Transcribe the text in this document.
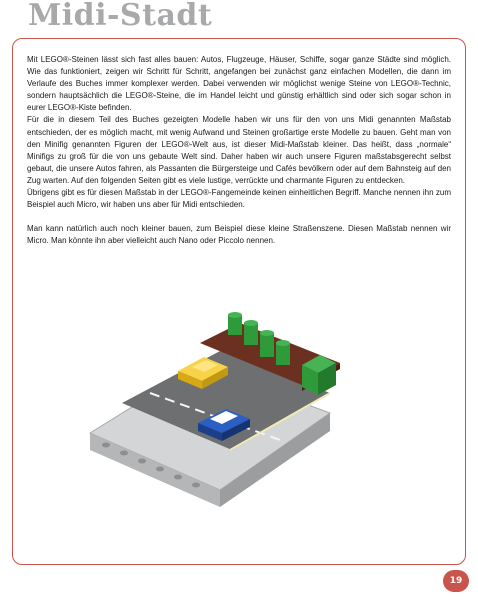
Midi-Stadt

Mit LEGO®-Steinen lässt sich fast alles bauen: Autos, Flugzeuge, Häuser, Schiffe, sogar ganze Städte sind möglich. Wie das funktioniert, zeigen wir Schritt für Schritt, angefangen bei zunächst ganz einfachen Modellen, die dann im Verlaufe des Buches immer komplexer werden. Dabei verwenden wir möglichst wenige Steine von LEGO®-Technic, sondern hauptsächlich die LEGO®-Steine, die im Handel leicht und günstig erhältlich sind oder sich sogar schon in eurer LEGO®-Kiste befinden.

Für die in diesem Teil des Buches gezeigten Modelle haben wir uns für den von uns Midi genannten Maßstab entschieden, der es möglich macht, mit wenig Aufwand und Steinen großartige erste Modelle zu bauen. Geht man von den Minifig genannten Figuren der LEGO®-Welt aus, ist dieser Midi-Maßstab kleiner. Das heißt, dass „normale“ Minifigs zu groß für die von uns gebaute Welt sind. Daher haben wir auch unsere Figuren maßstabsgerecht selbst gebaut, die unsere Autos fahren, als Passanten die Bürgersteige und Cafés bevölkern oder auf dem Bahnsteig auf den Zug warten. Auf den folgenden Seiten gibt es viele lustige, verrückte und charmante Figuren zu entdecken.

Übrigens gibt es für diesen Maßstab in der LEGO®-Fangemeinde keinen einheitlichen Begriff. Manche nennen ihn zum Beispiel auch Micro, wir haben uns aber für Midi entschieden.

Man kann natürlich auch noch kleiner bauen, zum Beispiel diese kleine Straßenszene. Diesen Maßstab nennen wir Micro. Man könnte ihn aber vielleicht auch Nano oder Piccolo nennen.

19
